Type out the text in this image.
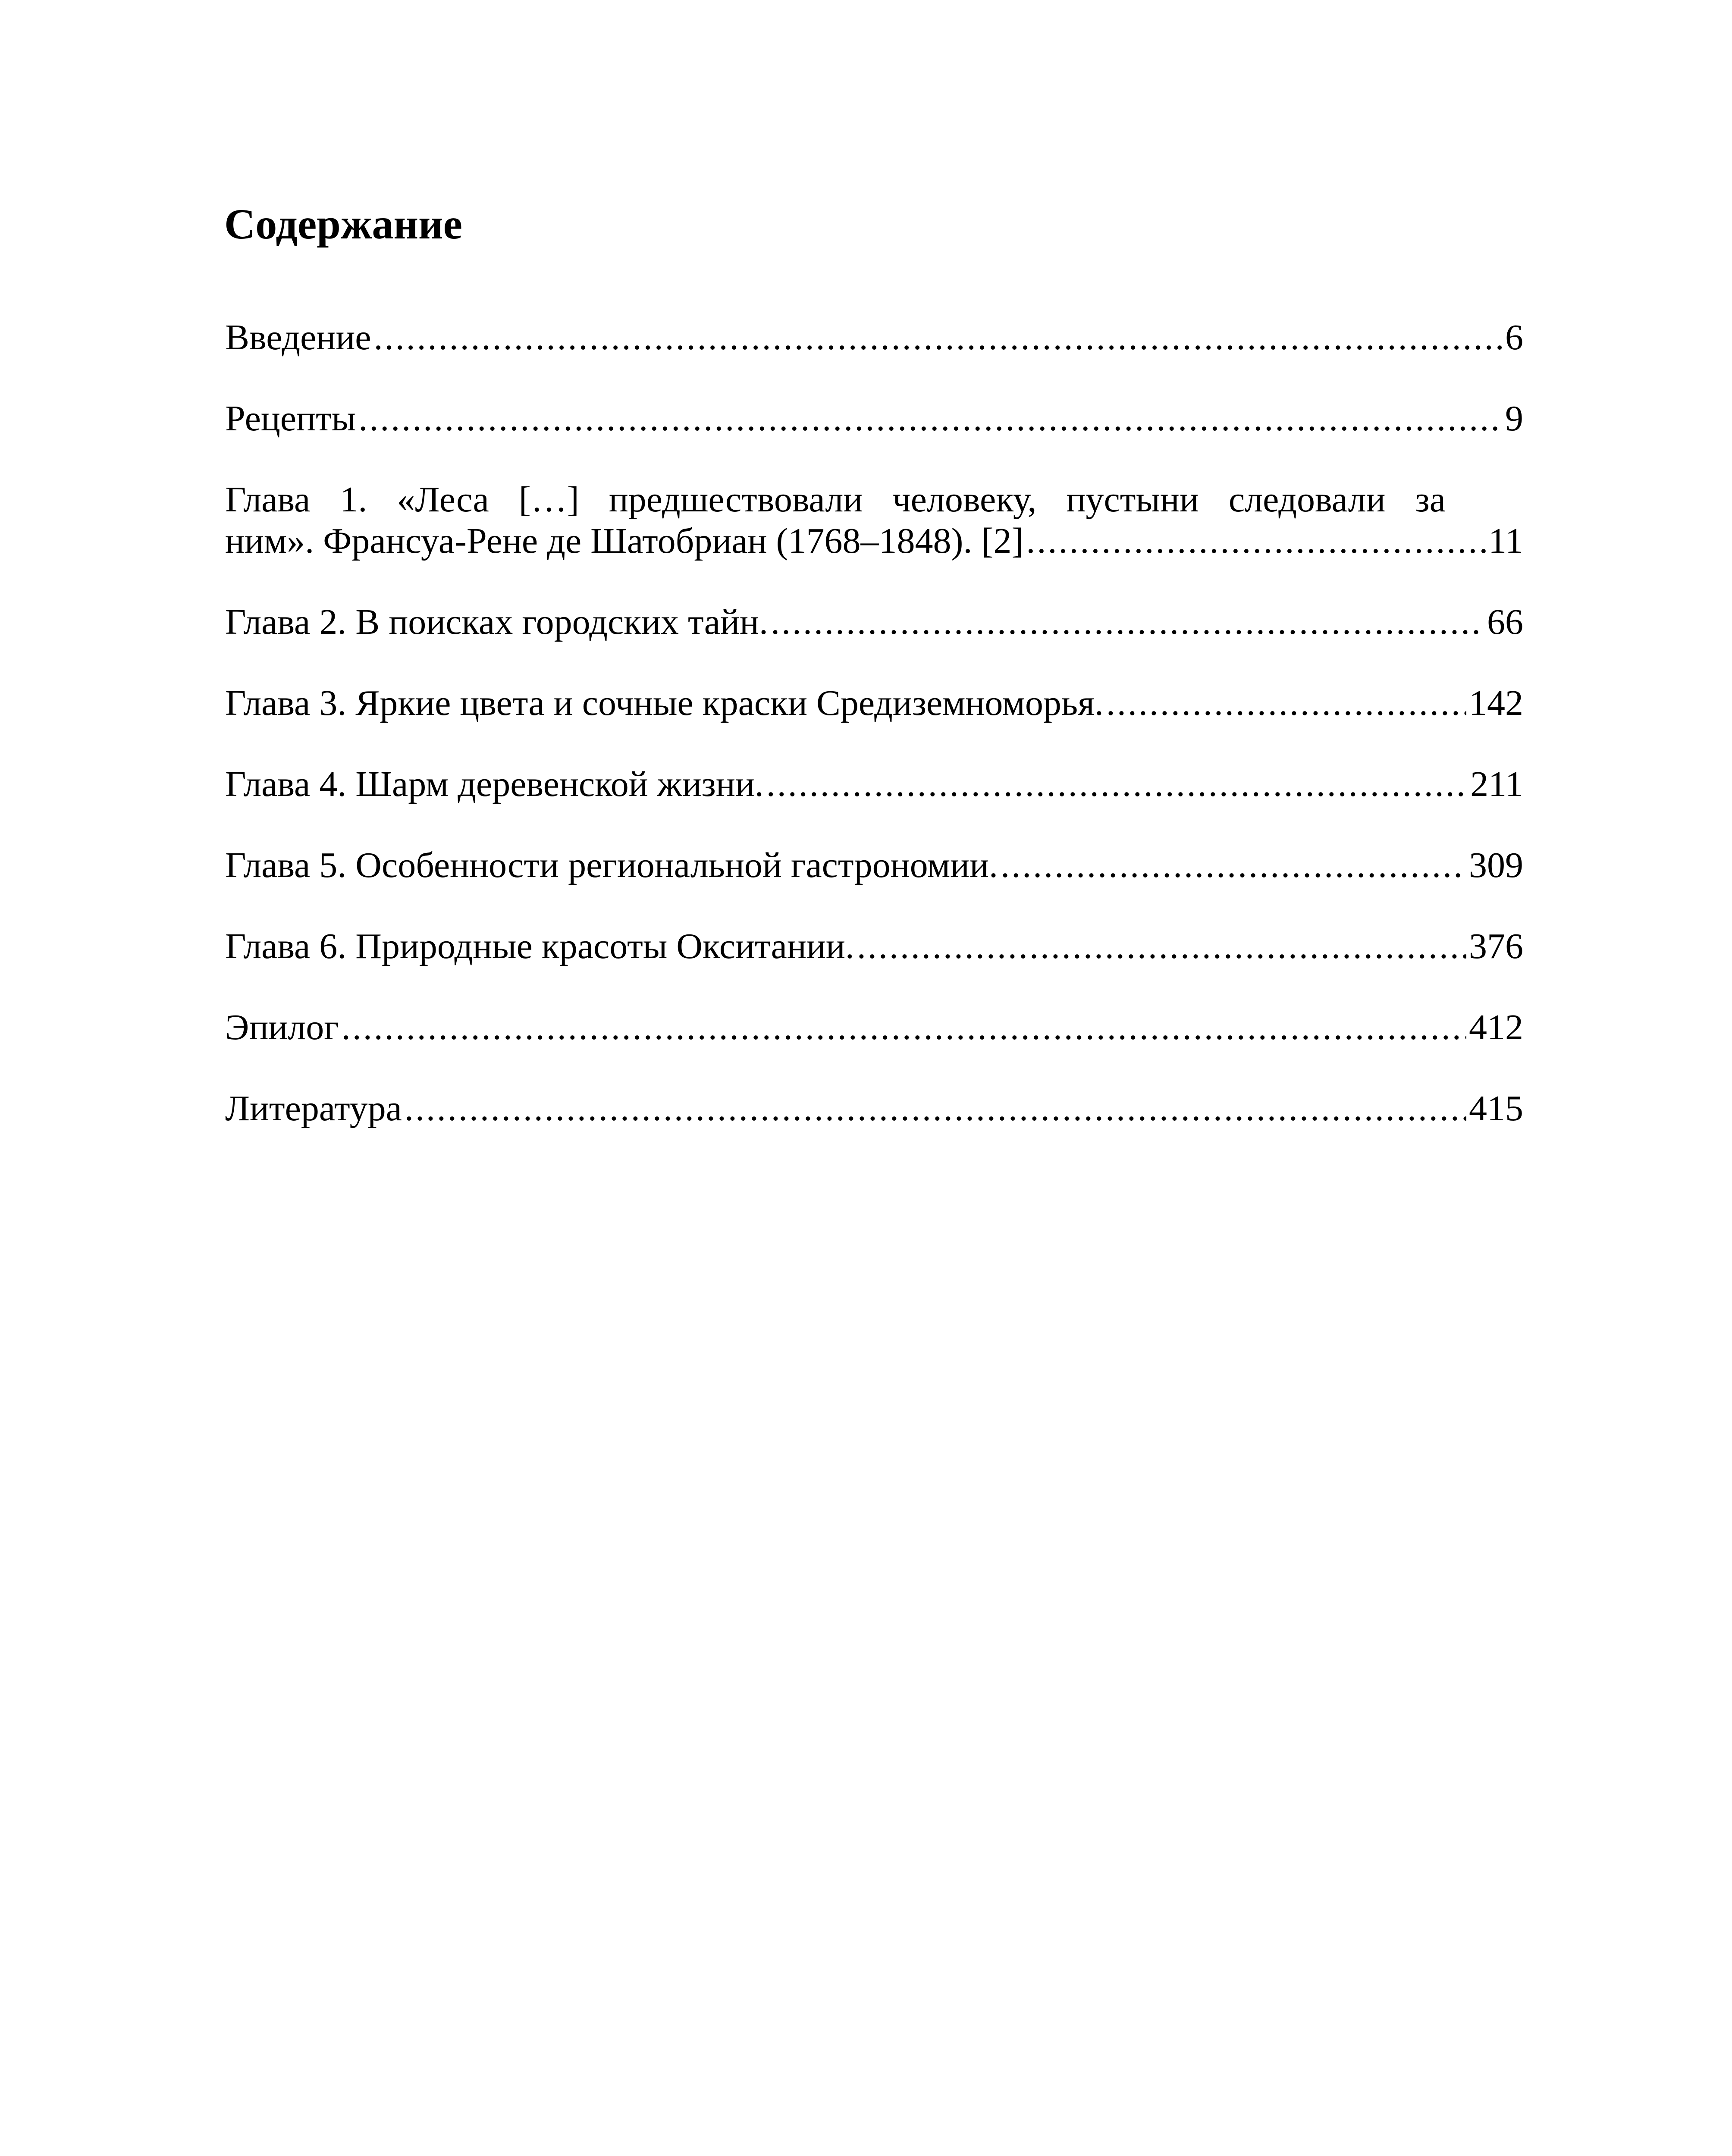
Содержание
Введение .....	6
Рецепты .....	9
Глава 1. «Леса […] предшествовали человеку, пустыни следовали за
ним». Франсуа-Рене де Шатобриан (1768–1848). [2] .....	11
Глава 2. В поисках городских тайн. .....	66
Глава 3. Яркие цвета и сочные краски Средиземноморья. .....	142
Глава 4. Шарм деревенской жизни. .....	211
Глава 5. Особенности региональной гастрономии. .....	309
Глава 6. Природные красоты Окситании. .....	376
Эпилог .....	412
Литература .....	415
